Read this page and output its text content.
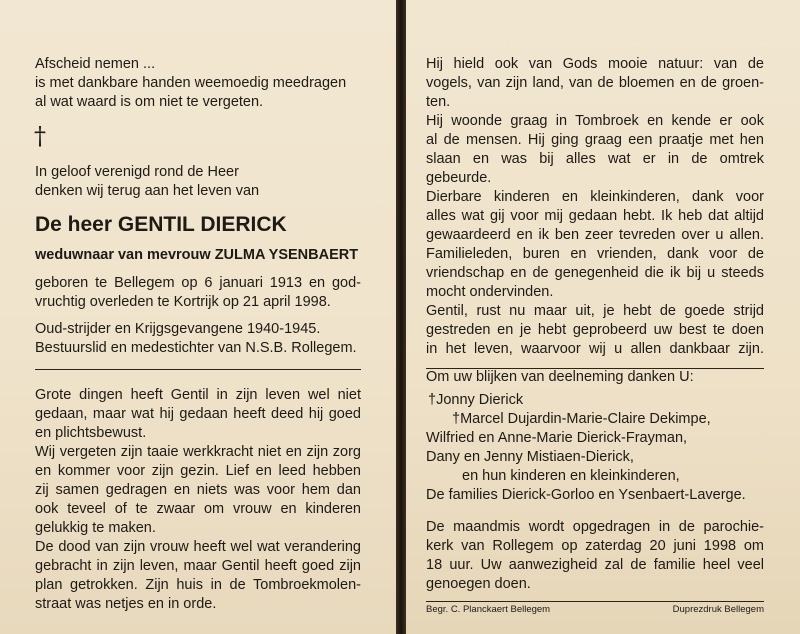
Afscheid nemen ...
is met dankbare handen weemoedig meedragen
al wat waard is om niet te vergeten.
†
In geloof verenigd rond de Heer
denken wij terug aan het leven van
De heer GENTIL DIERICK
weduwnaar van mevrouw ZULMA YSENBAERT
geboren te Bellegem op 6 januari 1913 en god-
vruchtig overleden te Kortrijk op 21 april 1998.
Oud-strijder en Krijgsgevangene 1940-1945.
Bestuurslid en medestichter van N.S.B. Rollegem.
Grote dingen heeft Gentil in zijn leven wel niet
gedaan, maar wat hij gedaan heeft deed hij goed
en plichtsbewust.
Wij vergeten zijn taaie werkkracht niet en zijn zorg
en kommer voor zijn gezin. Lief en leed hebben
zij samen gedragen en niets was voor hem dan
ook teveel of te zwaar om vrouw en kinderen
gelukkig te maken.
De dood van zijn vrouw heeft wel wat verandering
gebracht in zijn leven, maar Gentil heeft goed zijn
plan getrokken. Zijn huis in de Tombroekmolen-
straat was netjes en in orde.
Hij hield ook van Gods mooie natuur: van de
vogels, van zijn land, van de bloemen en de groen-
ten.
Hij woonde graag in Tombroek en kende er ook
al de mensen. Hij ging graag een praatje met hen
slaan en was bij alles wat er in de omtrek
gebeurde.
Dierbare kinderen en kleinkinderen, dank voor
alles wat gij voor mij gedaan hebt. Ik heb dat altijd
gewaardeerd en ik ben zeer tevreden over u allen.
Familieleden, buren en vrienden, dank voor de
vriendschap en de genegenheid die ik bij u steeds
mocht ondervinden.
Gentil, rust nu maar uit, je hebt de goede strijd
gestreden en je hebt geprobeerd uw best te doen
in het leven, waarvoor wij u allen dankbaar zijn.
Om uw blijken van deelneming danken U:
†Jonny Dierick
†Marcel Dujardin-Marie-Claire Dekimpe,
Wilfried en Anne-Marie Dierick-Frayman,
Dany en Jenny Mistiaen-Dierick,
en hun kinderen en kleinkinderen,
De families Dierick-Gorloo en Ysenbaert-Laverge.
De maandmis wordt opgedragen in de parochie-
kerk van Rollegem op zaterdag 20 juni 1998 om
18 uur. Uw aanwezigheid zal de familie heel veel
genoegen doen.
Begr. C. Planckaert Bellegem	Duprezdruk Bellegem
